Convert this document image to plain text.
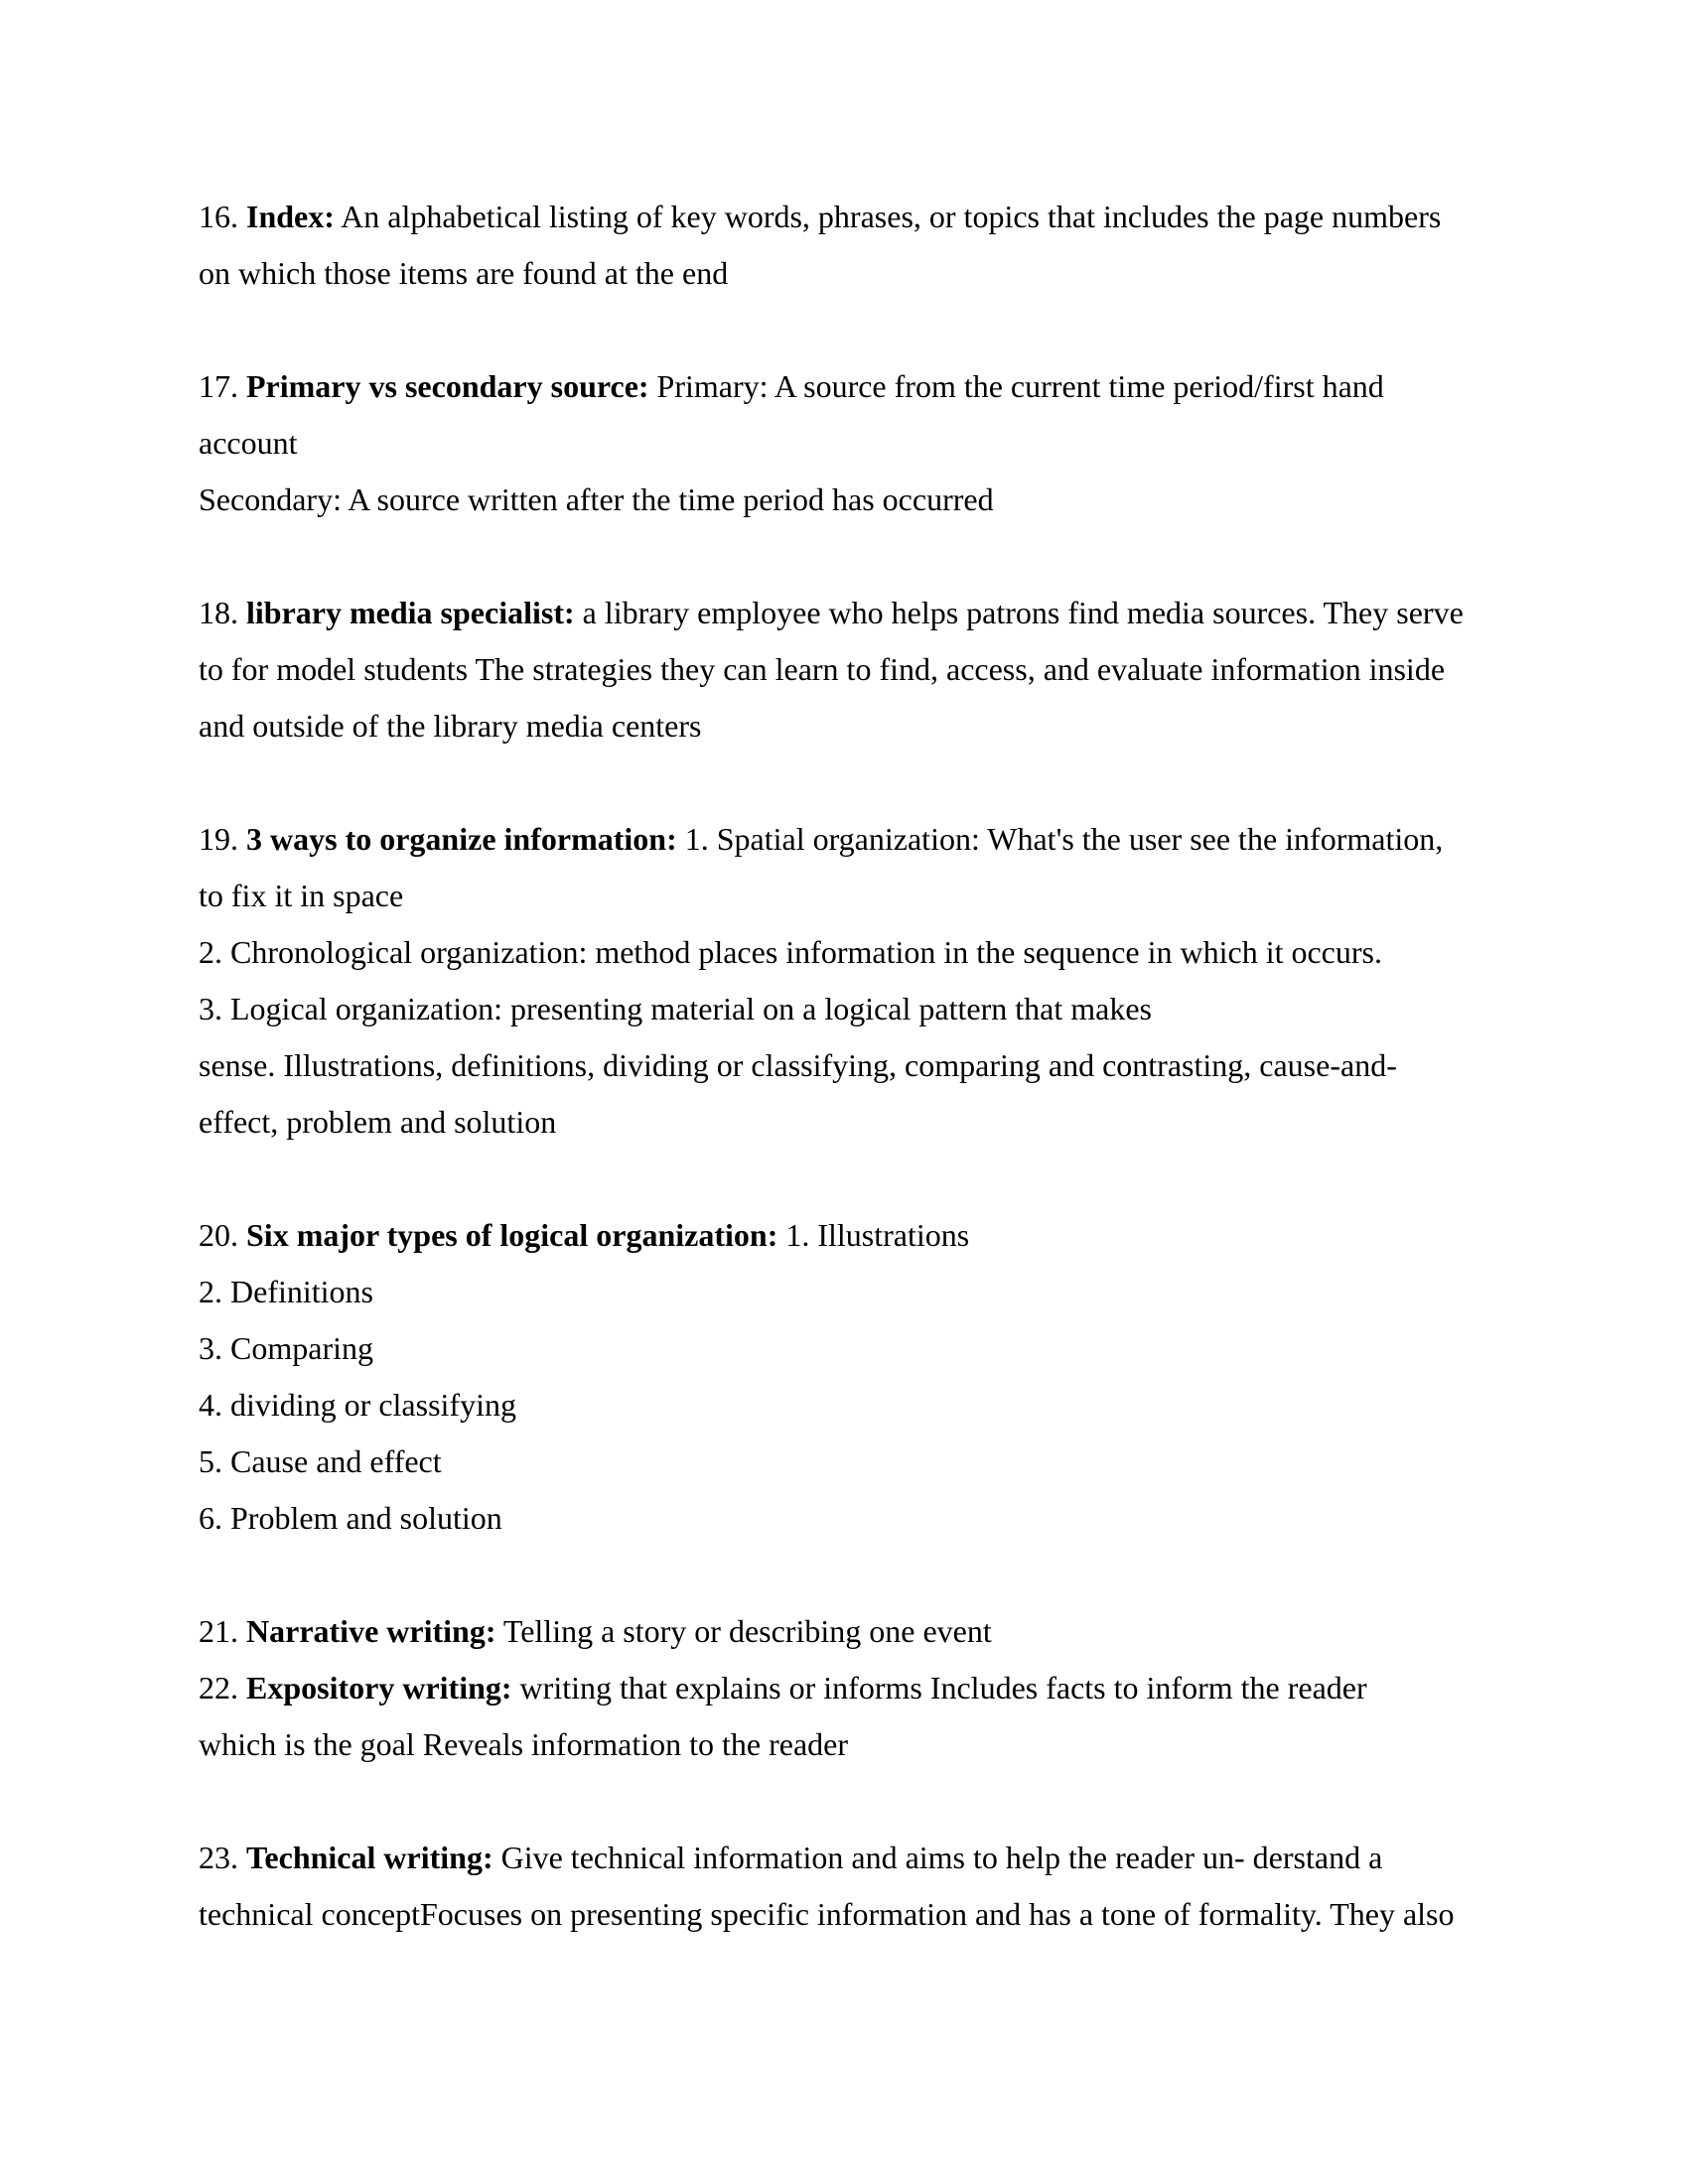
16. Index: An alphabetical listing of key words, phrases, or topics that includes the page numbers
on which those items are found at the end
17. Primary vs secondary source: Primary: A source from the current time period/first hand
account
Secondary: A source written after the time period has occurred
18. library media specialist: a library employee who helps patrons find media sources. They serve
to for model students The strategies they can learn to find, access, and evaluate information inside
and outside of the library media centers
19. 3 ways to organize information: 1. Spatial organization: What's the user see the information,
to fix it in space
2. Chronological organization: method places information in the sequence in which it occurs.
3. Logical organization: presenting material on a logical pattern that makes
sense. Illustrations, definitions, dividing or classifying, comparing and contrasting, cause-and-
effect, problem and solution
20. Six major types of logical organization: 1. Illustrations
2. Definitions
3. Comparing
4. dividing or classifying
5. Cause and effect
6. Problem and solution
21. Narrative writing: Telling a story or describing one event
22. Expository writing: writing that explains or informs Includes facts to inform the reader
which is the goal Reveals information to the reader
23. Technical writing: Give technical information and aims to help the reader un- derstand a
technical conceptFocuses on presenting specific information and has a tone of formality. They also
